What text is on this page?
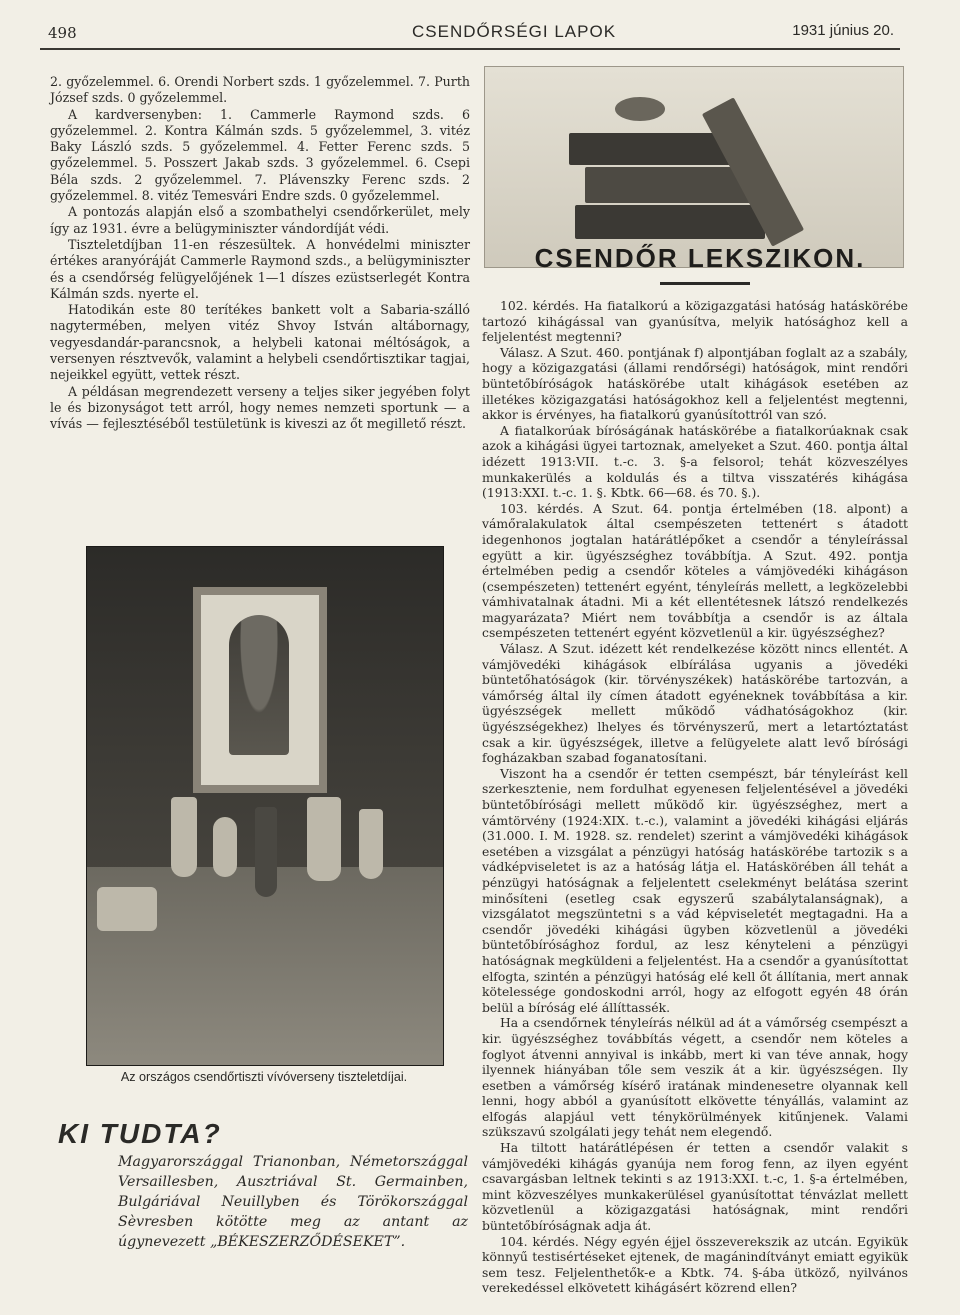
498	CSENDŐRSÉGI LAPOK	1931 június 20.

2. győzelemmel. 6. Orendi Norbert szds. 1 győzelemmel. 7. Purth József szds. 0 győzelemmel.

A kardversenyben: 1. Cammerle Raymond szds. 6 győzelemmel. 2. Kontra Kálmán szds. 5 győzelemmel, 3. vitéz Baky László szds. 5 győzelemmel. 4. Fetter Ferenc szds. 5 győzelemmel. 5. Posszert Jakab szds. 3 győzelemmel. 6. Csepi Béla szds. 2 győzelemmel. 7. Plávenszky Ferenc szds. 2 győzelemmel. 8. vitéz Temesvári Endre szds. 0 győzelemmel.

A pontozás alapján első a szombathelyi csendőrkerület, mely így az 1931. évre a belügyminiszter vándordíját védi.

Tiszteletdíjban 11-en részesültek. A honvédelmi miniszter értékes aranyóráját Cammerle Raymond szds., a belügyminiszter és a csendőrség felügyelőjének 1—1 díszes ezüstserlegét Kontra Kálmán szds. nyerte el.

Hatodikán este 80 terítékes bankett volt a Sabaria-szálló nagytermében, melyen vitéz Shvoy István altábornagy, vegyesdandár-parancsnok, a helybeli katonai méltóságok, a versenyen résztvevők, valamint a helybeli csendőrtisztikar tagjai, nejeikkel együtt, vettek részt.

A példásan megrendezett verseny a teljes siker jegyében folyt le és bizonyságot tett arról, hogy nemes nemzeti sportunk — a vívás — fejlesztéséből testületünk is kiveszi az őt megillető részt.

Az országos csendőrtiszti vívóverseny tiszteletdíjai.
KI TUDTA?
Magyarországgal Trianonban, Németországgal Versaillesben, Ausztriával St. Germainben, Bulgáriával Neuillyben és Törökországgal Sèvresben kötötte meg az antant az úgynevezett „BÉKESZERZŐDÉSEKET”.
CSENDŐR LEKSZIKON.

102. kérdés. Ha fiatalkorú a közigazgatási hatóság hatáskörébe tartozó kihágással van gyanúsítva, melyik hatósághoz kell a feljelentést megtenni?

Válasz. A Szut. 460. pontjának f) alpontjában foglalt az a szabály, hogy a közigazgatási (állami rendőrségi) hatóságok, mint rendőri büntetőbíróságok hatáskörébe utalt kihágások esetében az illetékes közigazgatási hatóságokhoz kell a feljelentést megtenni, akkor is érvényes, ha fiatalkorú gyanúsítottról van szó.

A fiatalkorúak bíróságának hatáskörébe a fiatalkorúaknak csak azok a kihágási ügyei tartoznak, amelyeket a Szut. 460. pontja által idézett 1913:VII. t.-c. 3. §-a felsorol; tehát közveszélyes munkakerülés a koldulás és a tiltva visszatérés kihágása (1913:XXI. t.-c. 1. §. Kbtk. 66—68. és 70. §.).

103. kérdés. A Szut. 64. pontja értelmében (18. alpont) a vámőralakulatok által csempészeten tettenért s átadott idegenhonos jogtalan határátlépőket a csendőr a tényleírással együtt a kir. ügyészséghez továbbítja. A Szut. 492. pontja értelmében pedig a csendőr köteles a vámjövedéki kihágáson (csempészeten) tettenért egyént, tényleírás mellett, a legközelebbi vámhivatalnak átadni. Mi a két ellentétesnek látszó rendelkezés magyarázata? Miért nem továbbítja a csendőr is az általa csempészeten tettenért egyént közvetlenül a kir. ügyészséghez?

Válasz. A Szut. idézett két rendelkezése között nincs ellentét. A vámjövedéki kihágások elbírálása ugyanis a jövedéki büntetőhatóságok (kir. törvényszékek) hatáskörébe tartozván, a vámőrség által ily címen átadott egyéneknek továbbítása a kir. ügyészségek mellett működő vádhatóságokhoz (kir. ügyészségekhez) lhelyes és törvényszerű, mert a letartóztatást csak a kir. ügyészségek, illetve a felügyelete alatt levő bírósági fogházakban szabad foganatosítani.

Viszont ha a csendőr ér tetten csempészt, bár tényleírást kell szerkesztenie, nem fordulhat egyenesen feljelentésével a jövedéki büntetőbírósági mellett működő kir. ügyészséghez, mert a vámtörvény (1924:XIX. t.-c.), valamint a jövedéki kihágási eljárás (31.000. I. M. 1928. sz. rendelet) szerint a vámjövedéki kihágások esetében a vizsgálat a pénzügyi hatóság hatáskörébe tartozik s a vádképviseletet is az a hatóság látja el. Hatáskörében áll tehát a pénzügyi hatóságnak a feljelentett cselekményt belátása szerint minősíteni (esetleg csak egyszerű szabálytalanságnak), a vizsgálatot megszüntetni s a vád képviseletét megtagadni. Ha a csendőr jövedéki kihágási ügyben közvetlenül a jövedéki büntetőbírósághoz fordul, az lesz kényteleni a pénzügyi hatóságnak megküldeni a feljelentést. Ha a csendőr a gyanúsítottat elfogta, szintén a pénzügyi hatóság elé kell őt állítania, mert annak kötelessége gondoskodni arról, hogy az elfogott egyén 48 órán belül a bíróság elé állíttassék.

Ha a csendőrnek tényleírás nélkül ad át a vámőrség csempészt a kir. ügyészséghez továbbítás végett, a csendőr nem köteles a foglyot átvenni annyival is inkább, mert ki van téve annak, hogy ilyennek hiányában tőle sem veszik át a kir. ügyészségen. Ily esetben a vámőrség kísérő iratának mindenesetre olyannak kell lenni, hogy abból a gyanúsított elkövette tényállás, valamint az elfogás alapjául vett ténykörülmények kitűnjenek. Valami szükszavú szolgálati jegy tehát nem elegendő.

Ha tiltott határátlépésen ér tetten a csendőr valakit s vámjövedéki kihágás gyanúja nem forog fenn, az ilyen egyént csavargásban leltnek tekinti s az 1913:XXI. t.-c, 1. §-a értelmében, mint közveszélyes munkakerülésel gyanúsítottat ténvázlat mellett közvetlenül a közigazgatási hatóságnak, mint rendőri büntetőbíróságnak adja át.

104. kérdés. Négy egyén éjjel összeverekszik az utcán. Egyikük könnyű testisértéseket ejtenek, de magánindítványt emiatt egyikük sem tesz. Feljelenthetők-e a Kbtk. 74. §-ába ütköző, nyilvános verekedéssel elkövetett kihágásért közrend ellen?
